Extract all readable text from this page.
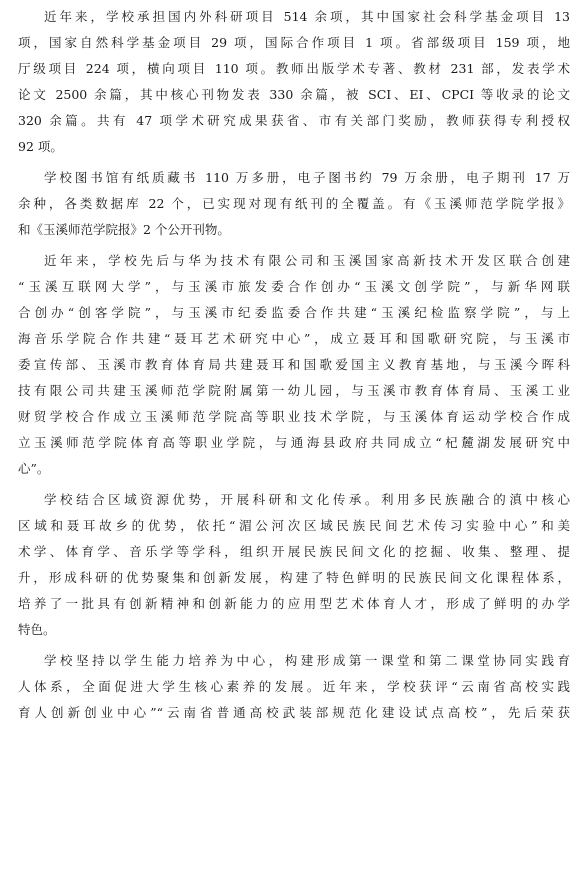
近年来，学校承担国内外科研项目 514 余项，其中国家社会科学基金项目 13
项，国家自然科学基金项目 29 项，国际合作项目 1 项。省部级项目 159 项，地
厅级项目 224 项，横向项目 110 项。教师出版学术专著、教材 231 部，发表学术
论文 2500 余篇，其中核心刊物发表 330 余篇，被 SCI、EI、CPCI 等收录的论文
320 余篇。共有 47 项学术研究成果获省、市有关部门奖励，教师获得专利授权
92 项。
学校图书馆有纸质藏书 110 万多册，电子图书约 79 万余册，电子期刊 17 万
余种，各类数据库 22 个，已实现对现有纸刊的全覆盖。有《玉溪师范学院学报》
和《玉溪师范学院报》2 个公开刊物。
近年来，学校先后与华为技术有限公司和玉溪国家高新技术开发区联合创建
“玉溪互联网大学”，与玉溪市旅发委合作创办“玉溪文创学院”，与新华网联
合创办“创客学院”，与玉溪市纪委监委合作共建“玉溪纪检监察学院”，与上
海音乐学院合作共建“聂耳艺术研究中心”，成立聂耳和国歌研究院，与玉溪市
委宣传部、玉溪市教育体育局共建聂耳和国歌爱国主义教育基地，与玉溪今晖科
技有限公司共建玉溪师范学院附属第一幼儿园，与玉溪市教育体育局、玉溪工业
财贸学校合作成立玉溪师范学院高等职业技术学院，与玉溪体育运动学校合作成
立玉溪师范学院体育高等职业学院，与通海县政府共同成立“杞麓湖发展研究中
心”。
学校结合区域资源优势，开展科研和文化传承。利用多民族融合的滇中核心
区域和聂耳故乡的优势，依托“湄公河次区域民族民间艺术传习实验中心”和美
术学、体育学、音乐学等学科，组织开展民族民间文化的挖掘、收集、整理、提
升，形成科研的优势聚集和创新发展，构建了特色鲜明的民族民间文化课程体系，
培养了一批具有创新精神和创新能力的应用型艺术体育人才，形成了鲜明的办学
特色。
学校坚持以学生能力培养为中心，构建形成第一课堂和第二课堂协同实践育
人体系，全面促进大学生核心素养的发展。近年来，学校获评“云南省高校实践
育人创新创业中心”“云南省普通高校武装部规范化建设试点高校”，先后荣获
